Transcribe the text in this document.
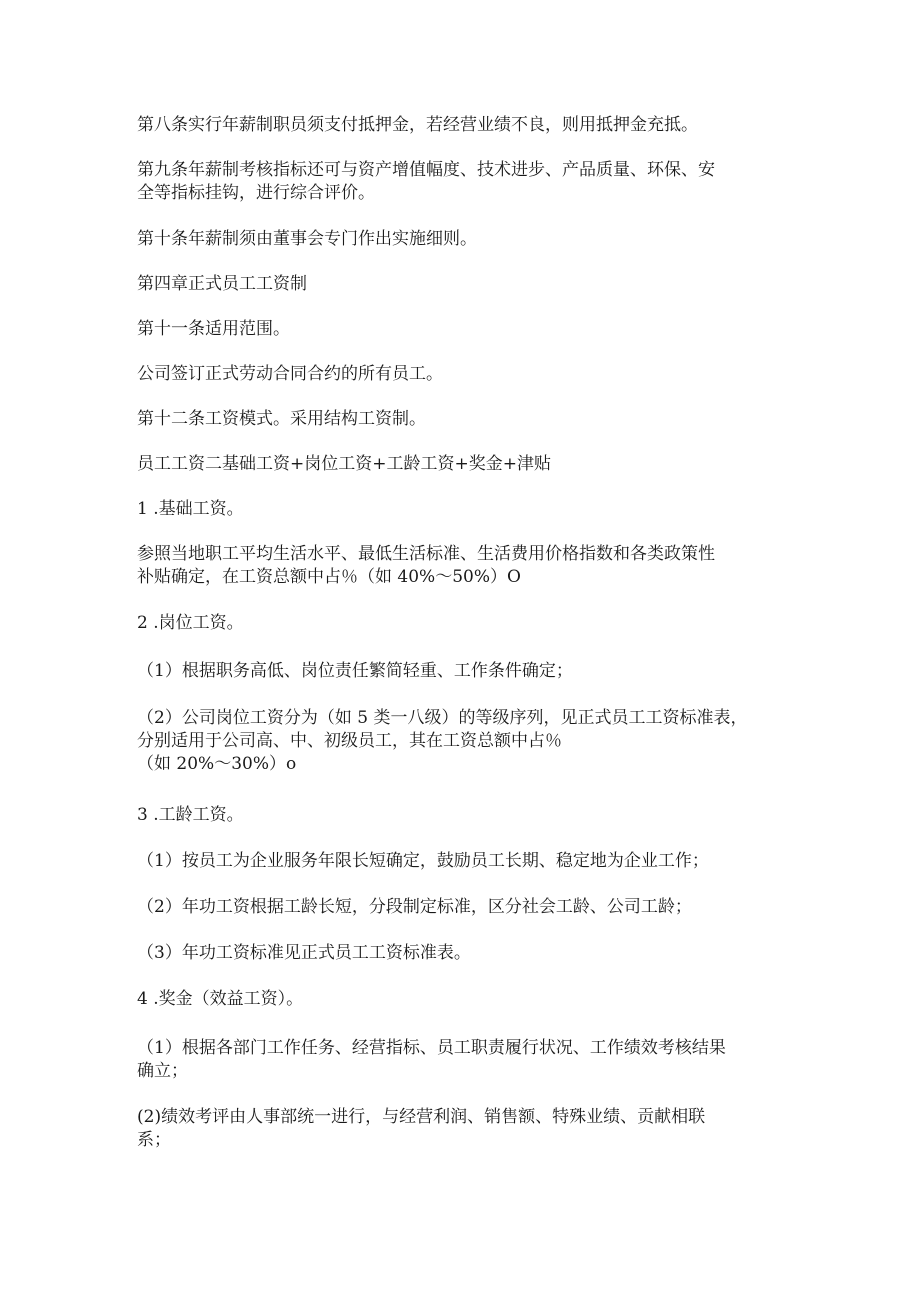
第八条实行年薪制职员须支付抵押金，若经营业绩不良，则用抵押金充抵。

第九条年薪制考核指标还可与资产增值幅度、技术进步、产品质量、环保、安
全等指标挂钩，进行综合评价。

第十条年薪制须由董事会专门作出实施细则。

第四章正式员工工资制

第十一条适用范围。

公司签订正式劳动合同合约的所有员工。

第十二条工资模式。采用结构工资制。

员工工资二基础工资+岗位工资+工龄工资+奖金+津贴

1 .基础工资。

参照当地职工平均生活水平、最低生活标准、生活费用价格指数和各类政策性
补贴确定，在工资总额中占％（如 40%～50%）O

2 .岗位工资。

（1）根据职务高低、岗位责任繁简轻重、工作条件确定；

（2）公司岗位工资分为（如 5 类一八级）的等级序列，见正式员工工资标准表，
分别适用于公司高、中、初级员工，其在工资总额中占％
（如 20%～30%）o

3 .工龄工资。

（1）按员工为企业服务年限长短确定，鼓励员工长期、稳定地为企业工作；

（2）年功工资根据工龄长短，分段制定标准，区分社会工龄、公司工龄；

（3）年功工资标准见正式员工工资标准表。

4 .奖金（效益工资）。

（1）根据各部门工作任务、经营指标、员工职责履行状况、工作绩效考核结果
确立；

(2)绩效考评由人事部统一进行，与经营利润、销售额、特殊业绩、贡献相联
系；
